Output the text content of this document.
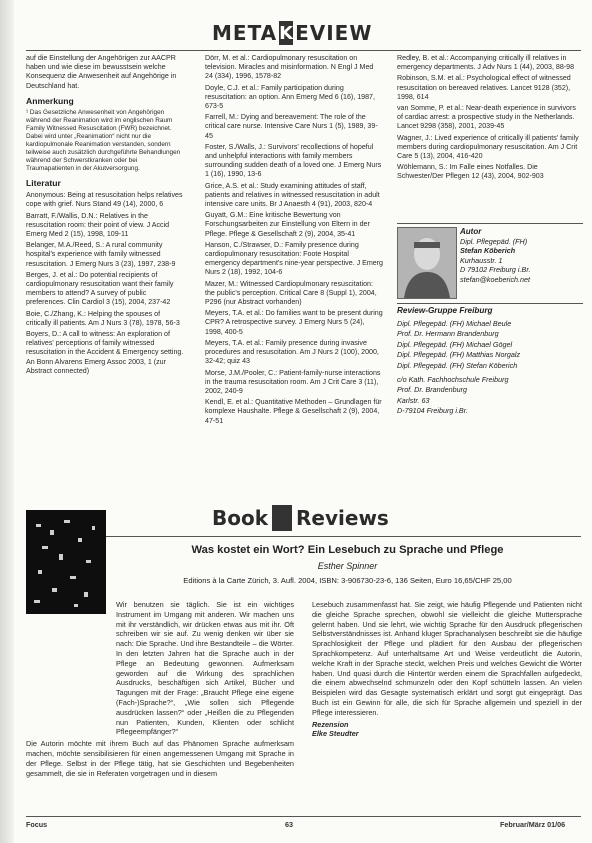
META K EVIEW

auf die Einstellung der Angehörigen zur AACPR haben und wie diese im bewusstsein welche Konsequenz die Anwesenheit auf Angehörige in Deutschland hat.

Anmerkung

¹ Das Gesetzliche Anwesenheit von Angehörigen während der Reanimation wird im englischen Raum Family Witnessed Resuscitation (FWR) bezeichnet. Dabei wird unter „Reanimation“ nicht nur die kardiopulmonale Reanimation verstanden, sondern teilweise auch zusätzlich durchgeführte Behandlungen während der Schwerstkranken oder bei Traumapatienten in der Akutversorgung.

Literatur

Anonymous: Being at resuscitation helps relatives cope with grief. Nurs Stand 49 (14), 2000, 6

Barratt, F./Wallis, D.N.: Relatives in the resuscitation room: their point of view. J Accid Emerg Med 2 (15), 1998, 109-11

Belanger, M.A./Reed, S.: A rural community hospital's experience with family witnessed resuscitation. J Emerg Nurs 3 (23), 1997, 238-9

Berges, J. et al.: Do potential recipients of cardiopulmonary resuscitation want their family members to attend? A survey of public preferences. Clin Cardiol 3 (15), 2004, 237-42

Boie, C./Zhang, K.: Helping the spouses of critically ill patients. Am J Nurs 3 (78), 1978, 56-3

Boyers, D.: A call to witness: An exploration of relatives' perceptions of family witnessed resuscitation in the Accident & Emergency setting. An Bonn Alvarens Emerg Assoc 2003, 1 (zur Abstract connected)

Dörr, M. et al.: Cardiopulmonary resuscitation on television. Miracles and misinformation. N Engl J Med 24 (334), 1996, 1578-82

Doyle, C.J. et al.: Family participation during resuscitation: an option. Ann Emerg Med 6 (16), 1987, 673-5

Farrell, M.: Dying and bereavement: The role of the critical care nurse. Intensive Care Nurs 1 (5), 1989, 39-45

Foster, S./Walls, J.: Survivors' recollections of hopeful and unhelpful interactions with family members surrounding sudden death of a loved one. J Emerg Nurs 1 (16), 1990, 13-6

Grice, A.S. et al.: Study examining attitudes of staff, patients and relatives in witnessed resuscitation in adult intensive care units. Br J Anaesth 4 (91), 2003, 820-4

Guyatt, G.M.: Eine kritische Bewertung von Forschungsarbeiten zur Einstellung von Eltern in der Pflege. Pflege & Gesellschaft 2 (9), 2004, 35-41

Hanson, C./Strawser, D.: Family presence during cardiopulmonary resuscitation: Foote Hospital emergency department's nine-year perspective. J Emerg Nurs 2 (18), 1992, 104-6

Mazer, M.: Witnessed Cardiopulmonary resuscitation: the public's perception. Critical Care 8 (Suppl 1), 2004, P296 (nur Abstract vorhanden)

Meyers, T.A. et al.: Do families want to be present during CPR? A retrospective survey. J Emerg Nurs 5 (24), 1998, 400-5

Meyers, T.A. et al.: Family presence during invasive procedures and resuscitation. Am J Nurs 2 (100), 2000, 32-42; quiz 43

Morse, J.M./Pooler, C.: Patient-family-nurse interactions in the trauma resuscitation room. Am J Crit Care 3 (11), 2002, 240-9

Kendl, E. et al.: Quantitative Methoden – Grundlagen für komplexe Haushalte. Pflege & Gesellschaft 2 (9), 2004, 47-51

Redley, B. et al.: Accompanying critically ill relatives in emergency departments. J Adv Nurs 1 (44), 2003, 88-98

Robinson, S.M. et al.: Psychological effect of witnessed resuscitation on bereaved relatives. Lancet 9128 (352), 1998, 614

van Somme, P. et al.: Near-death experience in survivors of cardiac arrest: a prospective study in the Netherlands. Lancet 9298 (358), 2001, 2039-45

Wagner, J.: Lived experience of critically ill patients' family members during cardiopulmonary resuscitation. Am J Crit Care 5 (13), 2004, 416-420

Wöhlemann, S.: Im Falle eines Notfalles. Die Schwester/Der Pflegen 12 (43), 2004, 902-903

Autor
Dipl. Pflegepäd. (FH)
Stefan Köberich
Kurhausstr. 1
D 79102 Freiburg i.Br.
stefan@koeberich.net
Review-Gruppe Freiburg
Dipl. Pflegepäd. (FH) Michael Beule
Prof. Dr. Hermann Brandenburg
Dipl. Pflegepäd. (FH) Michael Gögel
Dipl. Pflegepäd. (FH) Matthias Norgalz
Dipl. Pflegepäd. (FH) Stefan Köberich
c/o Kath. Fachhochschule Freiburg
Prof. Dr. Brandenburg
Karlstr. 63
D-79104 Freiburg i.Br.
Book Reviews
Was kostet ein Wort? Ein Lesebuch zu Sprache und Pflege
Esther Spinner
Editions à la Carte Zürich, 3. Aufl. 2004, ISBN: 3-906730-23-6, 136 Seiten, Euro 16,65/CHF 25,00

Wir benutzen sie täglich. Sie ist ein wichtiges Instrument im Umgang mit anderen. Wir machen uns mit ihr verständlich, wir drücken etwas aus mit ihr. Oft schreiben wir sie auf. Zu wenig denken wir über sie nach: Die Sprache. Und ihre Bestandteile – die Wörter. In den letzten Jahren hat die Sprache auch in der Pflege an Bedeutung gewonnen. Aufmerksam geworden auf die Wirkung des sprachlichen Ausdrucks, beschäftigen sich Artikel, Bücher und Tagungen mit der Frage: „Braucht Pflege eine eigene (Fach-)Sprache?“, „Wie sollen sich Pflegende ausdrücken lassen?“ oder „Heißen die zu Pflegenden nun Patienten, Kunden, Klienten oder schlicht Pflegeempfänger?“

Die Autorin möchte mit ihrem Buch auf das Phänomen Sprache aufmerksam machen, möchte sensibilisieren für einen angemessenen Umgang mit Sprache in der Pflege. Selbst in der Pflege tätig, hat sie Geschichten und Begebenheiten gesammelt, die sie in Referaten vorgetragen und in diesem

Lesebuch zusammenfasst hat. Sie zeigt, wie häufig Pflegende und Patienten nicht die gleiche Sprache sprechen, obwohl sie vielleicht die gleiche Muttersprache gelernt haben. Und sie lehrt, wie wichtig Sprache für den Ausdruck pflegerischen Selbstverständnisses ist. Anhand kluger Sprachanalysen beschreibt sie die häufige Sprachlosigkeit der Pflege und plädiert für den Ausbau der pflegerischen Sprachkompetenz. Auf unterhaltsame Art und Weise verdeutlicht die Autorin, welche Kraft in der Sprache steckt, welchen Preis und welches Gewicht die Wörter haben. Und quasi durch die Hintertür werden einem die Sprachfallen aufgedeckt, die einem abwechselnd schmunzeln oder den Kopf schütteln lassen. An vielen Beispielen wird das Gesagte systematisch erklärt und sorgt gut eingeprägt. Das Buch ist ein Gewinn für alle, die sich für Sprache allgemein und speziell in der Pflege interessieren.

Rezension
Elke Steudter
Focus	63	Februar/März 01/06
